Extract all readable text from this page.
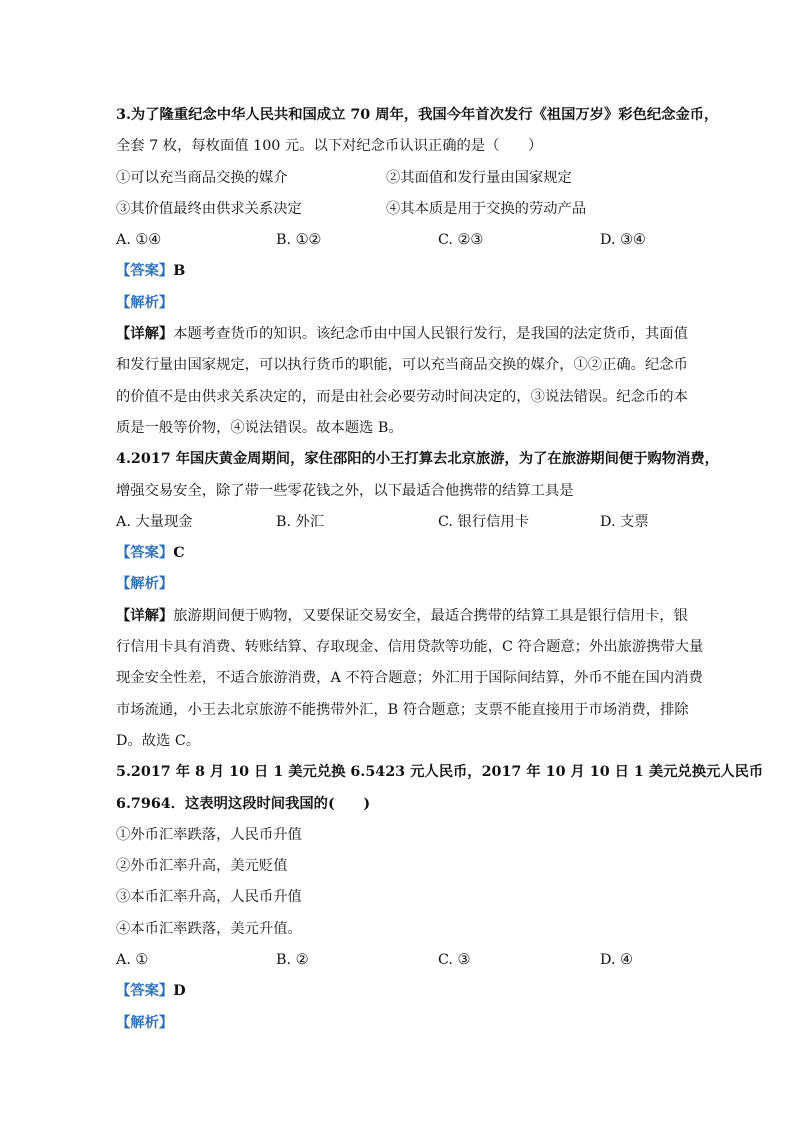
3.为了隆重纪念中华人民共和国成立 70 周年，我国今年首次发行《祖国万岁》彩色纪念金币，
全套 7 枚，每枚面值 100 元。以下对纪念币认识正确的是（　　）
①可以充当商品交换的媒介	②其面值和发行量由国家规定
③其价值最终由供求关系决定	④其本质是用于交换的劳动产品
A. ①④	B. ①②	C. ②③	D. ③④
【答案】B
【解析】
【详解】本题考查货币的知识。该纪念币由中国人民银行发行，是我国的法定货币，其面值
和发行量由国家规定，可以执行货币的职能，可以充当商品交换的媒介，①②正确。纪念币
的价值不是由供求关系决定的，而是由社会必要劳动时间决定的，③说法错误。纪念币的本
质是一般等价物，④说法错误。故本题选 B。
4.2017 年国庆黄金周期间，家住邵阳的小王打算去北京旅游，为了在旅游期间便于购物消费，
增强交易安全，除了带一些零花钱之外，以下最适合他携带的结算工具是
A. 大量现金	B. 外汇	C. 银行信用卡	D. 支票
【答案】C
【解析】
【详解】旅游期间便于购物，又要保证交易安全，最适合携带的结算工具是银行信用卡，银
行信用卡具有消费、转账结算、存取现金、信用贷款等功能，C 符合题意；外出旅游携带大量
现金安全性差，不适合旅游消费，A 不符合题意；外汇用于国际间结算，外币不能在国内消费
市场流通，小王去北京旅游不能携带外汇，B 符合题意；支票不能直接用于市场消费，排除
D。故选 C。
5.2017 年 8 月 10 日 1 美元兑换 6.5423 元人民币，2017 年 10 月 10 日 1 美元兑换元人民币
6.7964．这表明这段时间我国的(　　)
①外币汇率跌落，人民币升值
②外币汇率升高，美元贬值
③本币汇率升高，人民币升值
④本币汇率跌落，美元升值。
A. ①	B. ②	C. ③	D. ④
【答案】D
【解析】
